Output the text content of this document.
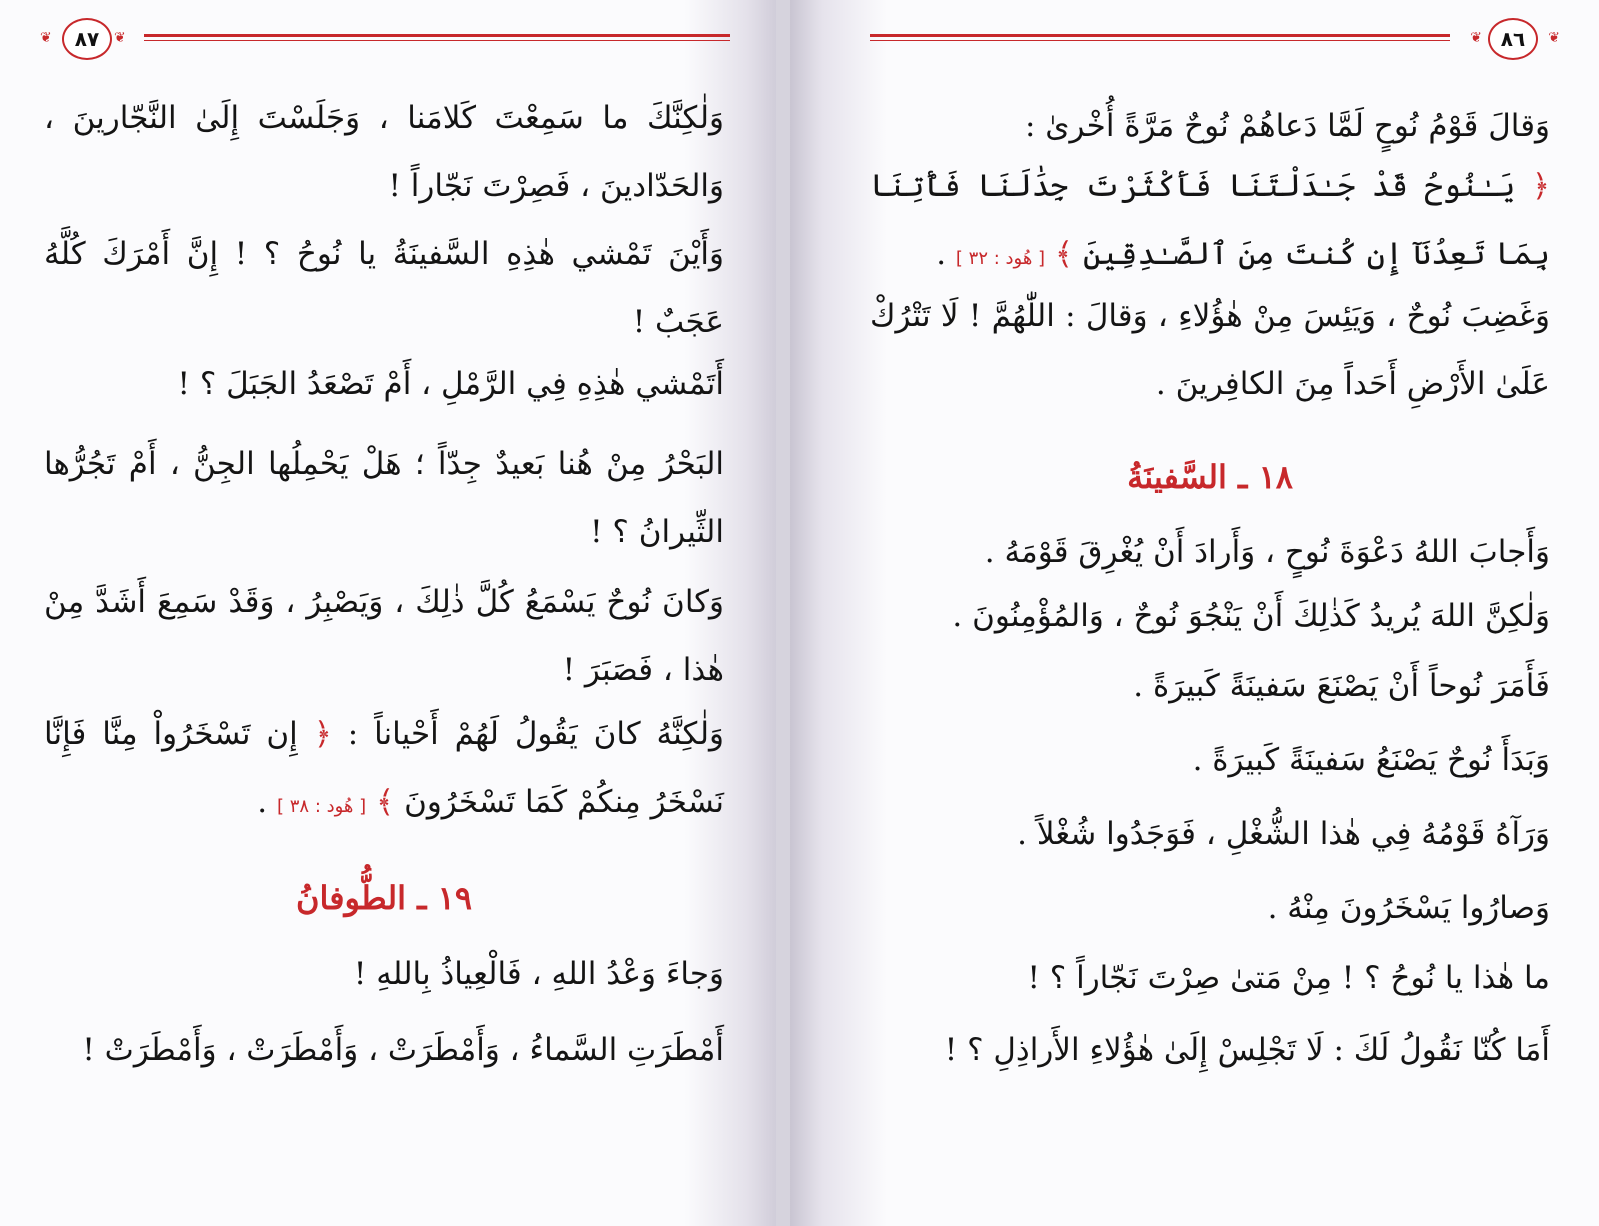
❦	٨٧	❦

وَلٰكِنَّكَ ما سَمِعْتَ كَلامَنا ، وَجَلَسْتَ إِلَىٰ النَّجّارينَ ، وَالحَدّادينَ ، فَصِرْتَ نَجّاراً !

وَأَيْنَ تَمْشي هٰذِهِ السَّفينَةُ يا نُوحُ ؟ ! إِنَّ أَمْرَكَ كُلَّهُ عَجَبٌ !

أَتَمْشي هٰذِهِ فِي الرَّمْلِ ، أَمْ تَصْعَدُ الجَبَلَ ؟ !

البَحْرُ مِنْ هُنا بَعيدٌ جِدّاً ؛ هَلْ يَحْمِلُها الجِنُّ ، أَمْ تَجُرُّها الثِّيرانُ ؟ !

وَكانَ نُوحٌ يَسْمَعُ كُلَّ ذٰلِكَ ، وَيَصْبِرُ ، وَقَدْ سَمِعَ أَشَدَّ مِنْ هٰذا ، فَصَبَرَ !

وَلٰكِنَّهُ كانَ يَقُولُ لَهُمْ أَحْياناً : ﴿ إِن تَسْخَرُواْ مِنَّا فَإِنَّا نَسْخَرُ مِنكُمْ كَمَا تَسْخَرُونَ ﴾ [ هُود : ٣٨ ] .

١٩ ـ الطُّوفانُ

وَجاءَ وَعْدُ اللهِ ، فَالْعِياذُ بِاللهِ !

أَمْطَرَتِ السَّماءُ ، وَأَمْطَرَتْ ، وَأَمْطَرَتْ ، وَأَمْطَرَتْ !

❦ ٨٦	❦

وَقالَ قَوْمُ نُوحٍ لَمَّا دَعاهُمْ نُوحٌ مَرَّةً أُخْرىٰ :

﴿ يَـٰنُوحُ قَدْ جَـٰدَلْتَنَا فَأَكْثَرْتَ جِدَٰلَنَا فَأْتِنَا بِمَا تَعِدُنَآ إِن كُنتَ مِنَ ٱلصَّـٰدِقِينَ ﴾ [ هُود : ٣٢ ] .

وَغَضِبَ نُوحٌ ، وَيَئِسَ مِنْ هٰؤُلاءِ ، وَقالَ : اللّٰهُمَّ ! لَا تَتْرُكْ عَلَىٰ الأَرْضِ أَحَداً مِنَ الكافِرينَ .

١٨ ـ السَّفينَةُ

وَأَجابَ اللهُ دَعْوَةَ نُوحٍ ، وَأَرادَ أَنْ يُغْرِقَ قَوْمَهُ .

وَلٰكِنَّ اللهَ يُريدُ كَذٰلِكَ أَنْ يَنْجُوَ نُوحٌ ، وَالمُؤْمِنُونَ .

فَأَمَرَ نُوحاً أَنْ يَصْنَعَ سَفينَةً كَبيرَةً .

وَبَدَأَ نُوحٌ يَصْنَعُ سَفينَةً كَبيرَةً .

وَرَآهُ قَوْمُهُ فِي هٰذا الشُّغْلِ ، فَوَجَدُوا شُغْلاً .

وَصارُوا يَسْخَرُونَ مِنْهُ .

ما هٰذا يا نُوحُ ؟ ! مِنْ مَتىٰ صِرْتَ نَجّاراً ؟ !

أَمَا كُنّا نَقُولُ لَكَ : لَا تَجْلِسْ إِلَىٰ هٰؤُلاءِ الأَراذِلِ ؟ !
